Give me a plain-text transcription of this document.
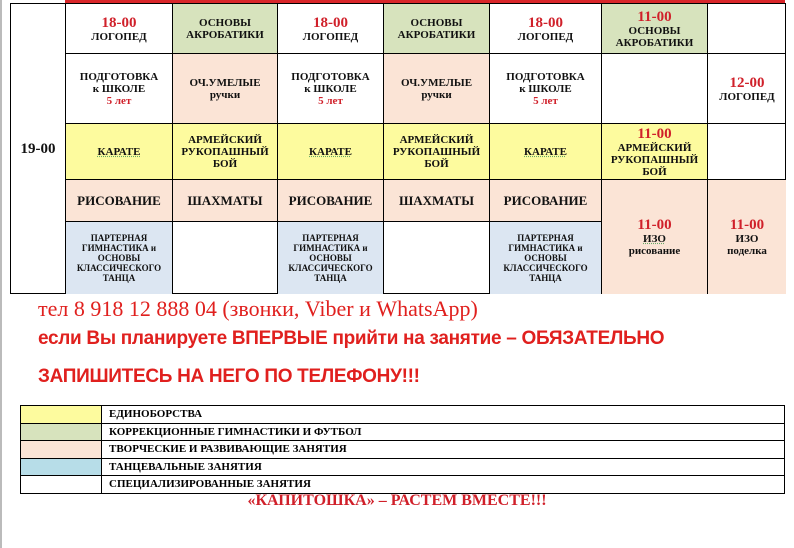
19-00
18-00
ЛОГОПЕД
ОСНОВЫ
АКРОБАТИКИ
18-00
ЛОГОПЕД
ОСНОВЫ
АКРОБАТИКИ
18-00
ЛОГОПЕД
11-00
ОСНОВЫ
АКРОБАТИКИ
ПОДГОТОВКА
к ШКОЛЕ
5 лет
ОЧ.УМЕЛЫЕ
ручки
ПОДГОТОВКА
к ШКОЛЕ
5 лет
ОЧ.УМЕЛЫЕ
ручки
ПОДГОТОВКА
к ШКОЛЕ
5 лет
12-00
ЛОГОПЕД
КАРАТЕ
АРМЕЙСКИЙ
РУКОПАШНЫЙ
БОЙ
КАРАТЕ
АРМЕЙСКИЙ
РУКОПАШНЫЙ
БОЙ
КАРАТЕ
11-00
АРМЕЙСКИЙ
РУКОПАШНЫЙ
БОЙ
РИСОВАНИЕ ШАХМАТЫ РИСОВАНИЕ ШАХМАТЫ РИСОВАНИЕ
11-00
ИЗО
рисование
11-00
ИЗО
поделка
ПАРТЕРНАЯ
ГИМНАСТИКА и
ОСНОВЫ
КЛАССИЧЕСКОГО
ТАНЦА
ПАРТЕРНАЯ
ГИМНАСТИКА и
ОСНОВЫ
КЛАССИЧЕСКОГО
ТАНЦА
ПАРТЕРНАЯ
ГИМНАСТИКА и
ОСНОВЫ
КЛАССИЧЕСКОГО
ТАНЦА
тел 8 918 12 888 04 (звонки, Viber и WhatsApp)
если Вы планируете ВПЕРВЫЕ прийти на занятие – ОБЯЗАТЕЛЬНО
ЗАПИШИТЕСЬ НА НЕГО ПО ТЕЛЕФОНУ!!!
ЕДИНОБОРСТВА
КОРРЕКЦИОННЫЕ ГИМНАСТИКИ И ФУТБОЛ
ТВОРЧЕСКИЕ И РАЗВИВАЮЩИЕ ЗАНЯТИЯ
ТАНЦЕВАЛЬНЫЕ ЗАНЯТИЯ
СПЕЦИАЛИЗИРОВАННЫЕ ЗАНЯТИЯ
«КАПИТОШКА» – РАСТЕМ ВМЕСТЕ!!!
